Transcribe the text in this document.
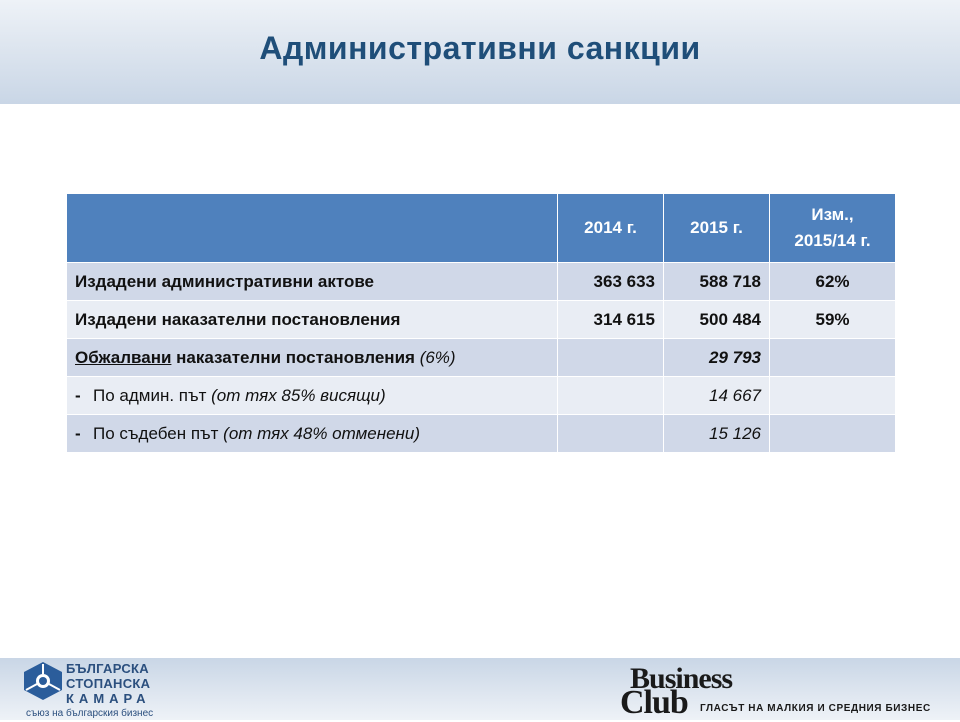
Административни санкции
	2014 г.	2015 г.	Изм.,
2015/14 г.
Издадени административни актове	363 633	588 718	62%
Издадени наказателни постановления	314 615	500 484	59%
Обжалвани наказателни постановления (6%)		29 793	
- По админ. път (от тях 85% висящи)		14 667	
- По съдебен път (от тях 48% отменени)		15 126	
БЪЛГАРСКА
СТОПАНСКА
КАМАРА
съюз на българския бизнес
Business
Club ГЛАСЪТ НА МАЛКИЯ И СРЕДНИЯ БИЗНЕС
